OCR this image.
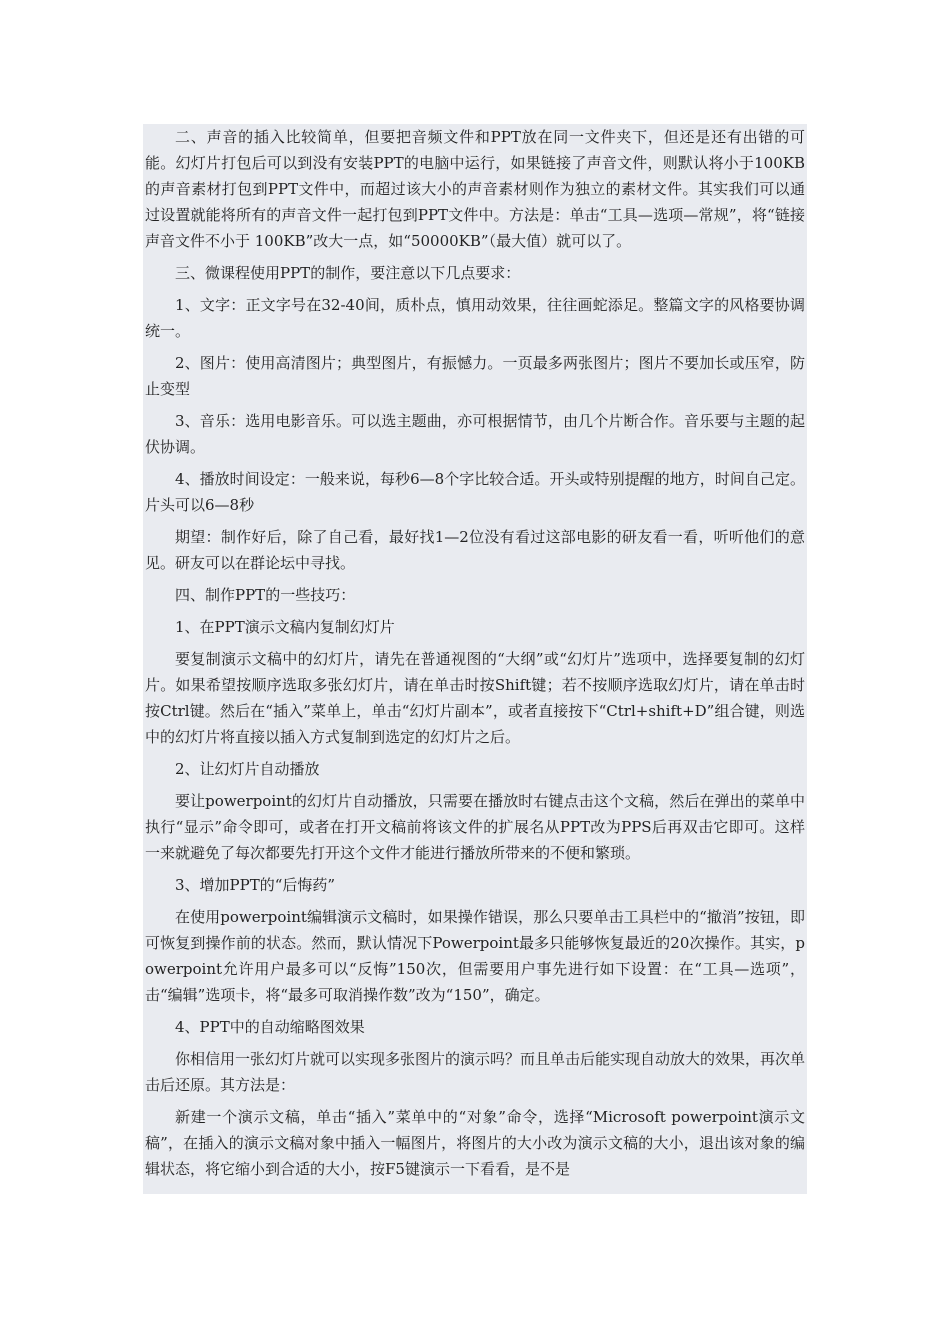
二、声音的插入比较简单，但要把音频文件和PPT放在同一文件夹下，但还是还有出错的可能。幻灯片打包后可以到没有安装PPT的电脑中运行，如果链接了声音文件，则默认将小于100KB的声音素材打包到PPT文件中，而超过该大小的声音素材则作为独立的素材文件。其实我们可以通过设置就能将所有的声音文件一起打包到PPT文件中。方法是：单击“工具—选项—常规”，将“链接声音文件不小于 100KB”改大一点，如“50000KB”（最大值）就可以了。

三、微课程使用PPT的制作，要注意以下几点要求：

1、文字：正文字号在32-40间，质朴点，慎用动效果，往往画蛇添足。整篇文字的风格要协调统一。

2、图片：使用高清图片；典型图片，有振憾力。一页最多两张图片；图片不要加长或压窄，防止变型

3、音乐：选用电影音乐。可以选主题曲，亦可根据情节，由几个片断合作。音乐要与主题的起伏协调。

4、播放时间设定：一般来说，每秒6—8个字比较合适。开头或特别提醒的地方，时间自己定。片头可以6—8秒

期望：制作好后，除了自己看，最好找1—2位没有看过这部电影的研友看一看，听听他们的意见。研友可以在群论坛中寻找。

四、制作PPT的一些技巧：

1、在PPT演示文稿内复制幻灯片

要复制演示文稿中的幻灯片，请先在普通视图的“大纲”或“幻灯片”选项中，选择要复制的幻灯片。如果希望按顺序选取多张幻灯片，请在单击时按Shift键；若不按顺序选取幻灯片，请在单击时按Ctrl键。然后在“插入”菜单上，单击“幻灯片副本”，或者直接按下“Ctrl+shift+D”组合键，则选中的幻灯片将直接以插入方式复制到选定的幻灯片之后。

2、让幻灯片自动播放

要让powerpoint的幻灯片自动播放，只需要在播放时右键点击这个文稿，然后在弹出的菜单中执行“显示”命令即可，或者在打开文稿前将该文件的扩展名从PPT改为PPS后再双击它即可。这样一来就避免了每次都要先打开这个文件才能进行播放所带来的不便和繁琐。

3、增加PPT的“后悔药”

在使用powerpoint编辑演示文稿时，如果操作错误，那么只要单击工具栏中的“撤消”按钮，即可恢复到操作前的状态。然而，默认情况下Powerpoint最多只能够恢复最近的20次操作。其实，powerpoint允许用户最多可以“反悔”150次，但需要用户事先进行如下设置：在“工具—选项”，击“编辑”选项卡，将“最多可取消操作数”改为“150”，确定。

4、PPT中的自动缩略图效果

你相信用一张幻灯片就可以实现多张图片的演示吗？而且单击后能实现自动放大的效果，再次单击后还原。其方法是：

新建一个演示文稿，单击“插入”菜单中的“对象”命令，选择“Microsoft powerpoint演示文稿”，在插入的演示文稿对象中插入一幅图片，将图片的大小改为演示文稿的大小，退出该对象的编辑状态，将它缩小到合适的大小，按F5键演示一下看看，是不是
